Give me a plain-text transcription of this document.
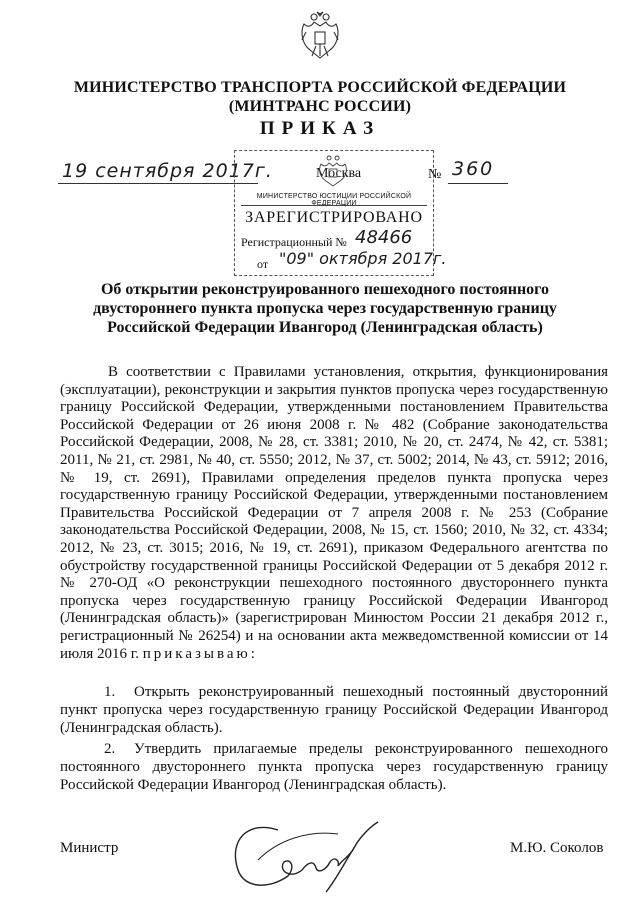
МИНИСТЕРСТВО ТРАНСПОРТА РОССИЙСКОЙ ФЕДЕРАЦИИ
(МИНТРАНС РОССИИ)
ПРИКАЗ
19 сентября 2017г.	Москва	№ 360
МИНИСТЕРСТВО ЮСТИЦИИ РОССИЙСКОЙ ФЕДЕРАЦИИ
ЗАРЕГИСТРИРОВАНО
Регистрационный № 48466
от "09" октября 2017г.
Об открытии реконструированного пешеходного постоянного двустороннего пункта пропуска через государственную границу Российской Федерации Ивангород (Ленинградская область)

В соответствии с Правилами установления, открытия, функционирования (эксплуатации), реконструкции и закрытия пунктов пропуска через государственную границу Российской Федерации, утвержденными постановлением Правительства Российской Федерации от 26 июня 2008 г. № 482 (Собрание законодательства Российской Федерации, 2008, № 28, ст. 3381; 2010, № 20, ст. 2474, № 42, ст. 5381; 2011, № 21, ст. 2981, № 40, ст. 5550; 2012, № 37, ст. 5002; 2014, № 43, ст. 5912; 2016, № 19, ст. 2691), Правилами определения пределов пункта пропуска через государственную границу Российской Федерации, утвержденными постановлением Правительства Российской Федерации от 7 апреля 2008 г. № 253 (Собрание законодательства Российской Федерации, 2008, № 15, ст. 1560; 2010, № 32, ст. 4334; 2012, № 23, ст. 3015; 2016, № 19, ст. 2691), приказом Федерального агентства по обустройству государственной границы Российской Федерации от 5 декабря 2012 г. № 270-ОД «О реконструкции пешеходного постоянного двустороннего пункта пропуска через государственную границу Российской Федерации Ивангород (Ленинградская область)» (зарегистрирован Минюстом России 21 декабря 2012 г., регистрационный № 26254) и на основании акта межведомственной комиссии от 14 июля 2016 г. приказываю:

1. Открыть реконструированный пешеходный постоянный двусторонний пункт пропуска через государственную границу Российской Федерации Ивангород (Ленинградская область).

2. Утвердить прилагаемые пределы реконструированного пешеходного постоянного двустороннего пункта пропуска через государственную границу Российской Федерации Ивангород (Ленинградская область).

Министр	М.Ю. Соколов
